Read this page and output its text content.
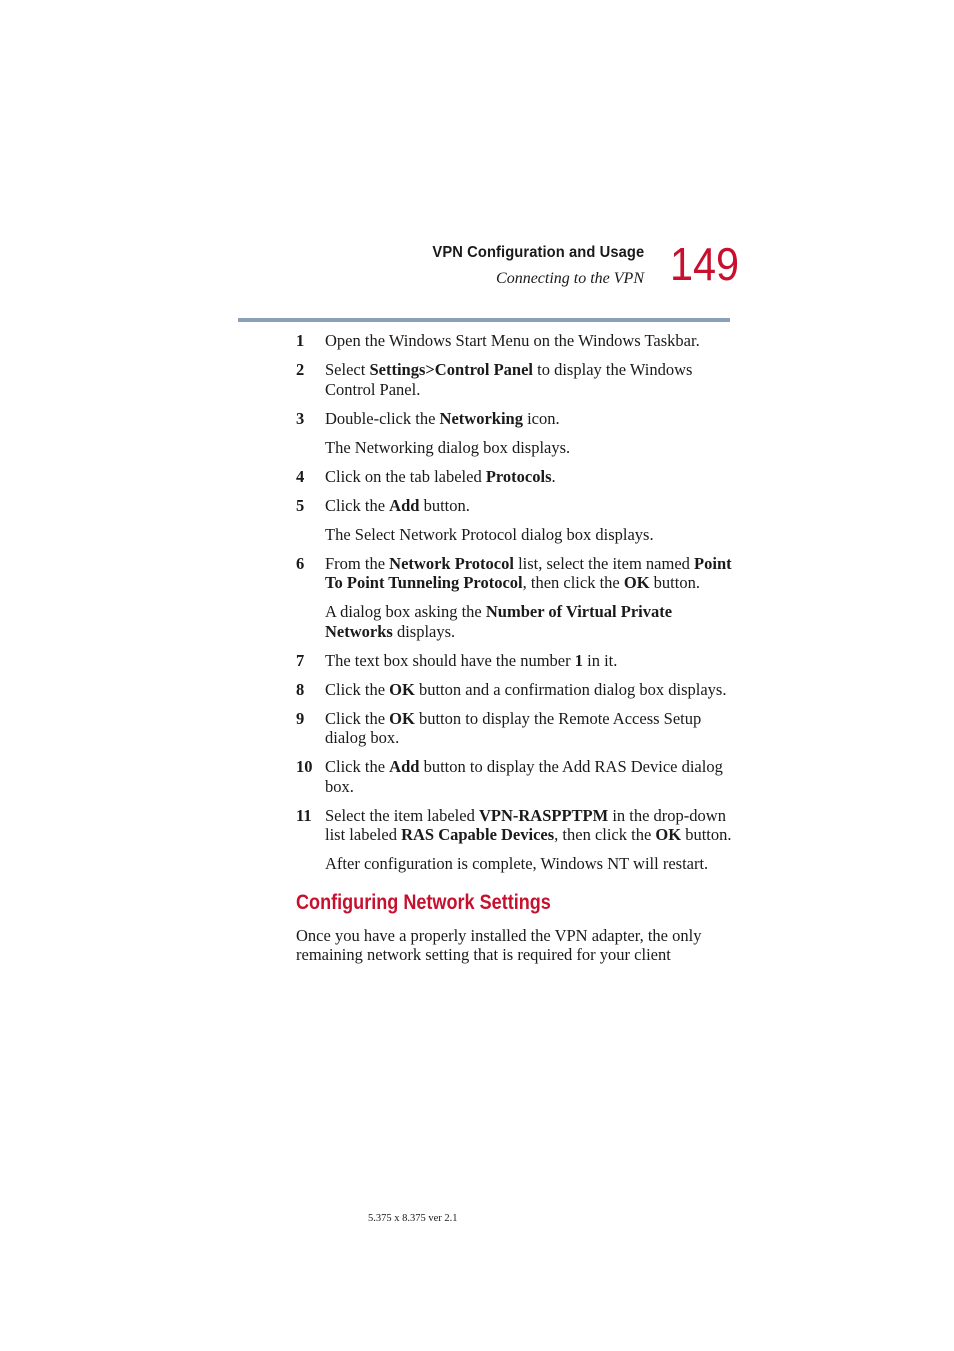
VPN Configuration and Usage
Connecting to the VPN 149
1 Open the Windows Start Menu on the Windows Taskbar.
2 Select Settings>Control Panel to display the Windows Control Panel.
3 Double-click the Networking icon.
The Networking dialog box displays.
4 Click on the tab labeled Protocols.
5 Click the Add button.
The Select Network Protocol dialog box displays.
6 From the Network Protocol list, select the item named Point To Point Tunneling Protocol, then click the OK button.
A dialog box asking the Number of Virtual Private Networks displays.
7 The text box should have the number 1 in it.
8 Click the OK button and a confirmation dialog box displays.
9 Click the OK button to display the Remote Access Setup dialog box.
10 Click the Add button to display the Add RAS Device dialog box.
11 Select the item labeled VPN-RASPPTPM in the drop-down list labeled RAS Capable Devices, then click the OK button.
After configuration is complete, Windows NT will restart.
Configuring Network Settings

Once you have a properly installed the VPN adapter, the only remaining network setting that is required for your client

5.375 x 8.375 ver 2.1
